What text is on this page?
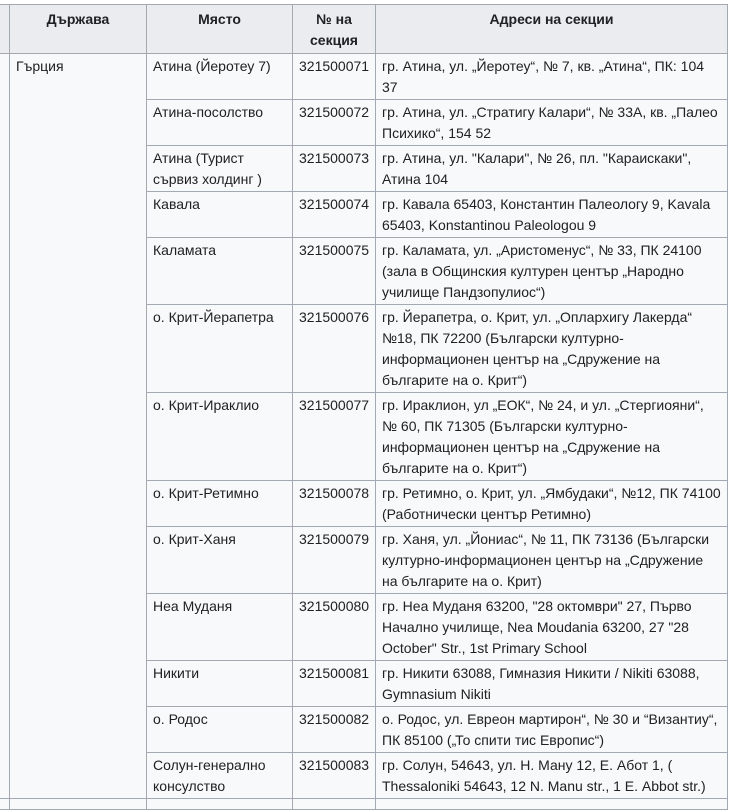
	Държава	Място	№ на секция	Адреси на секции
	Гърция	Атина (Йеротеу 7)	321500071	гр. Атина, ул. „Йеротеу“, № 7, кв. „Атина“, ПК: 104 37
		Атина-посолство	321500072	гр. Атина, ул. „Стратигу Калари“, № 33А, кв. „Палео Психико“, 154 52
		Атина (Турист сървиз холдинг )	321500073	гр. Атина, ул. "Калари", № 26, пл. "Караискаки", Атина 104
		Кавала	321500074	гр. Кавала 65403, Константин Палеологу 9, Kavala 65403, Konstantinou Paleologou 9
		Каламата	321500075	гр. Каламата, ул. „Аристоменус“, № 33, ПК 24100 (зала в Общинския културен център „Народно училище Пандзопулиос“)
		о. Крит-Йерапетра	321500076	гр. Йерапетра, о. Крит, ул. „Оплархигу Лакерда“ №18, ПК 72200 (Български културно-информационен център на „Сдружение на българите на о. Крит“)
		о. Крит-Ираклио	321500077	гр. Ираклион, ул „ЕОК“, № 24, и ул. „Стергиояни“, № 60, ПК 71305 (Български културно-информационен център на „Сдружение на българите на о. Крит“)
		о. Крит-Ретимно	321500078	гр. Ретимно, о. Крит, ул. „Ямбудаки“, №12, ПК 74100 (Работнически център Ретимно)
		о. Крит-Ханя	321500079	гр. Ханя, ул. „Йониас“, № 11, ПК 73136 (Български културно-информационен център на „Сдружение на българите на о. Крит)
		Неа Муданя	321500080	гр. Неа Муданя 63200, "28 октомври" 27, Първо Начално училище, Nea Moudania 63200, 27 "28 October" Str., 1st Primary School
		Никити	321500081	гр. Никити 63088, Гимназия Никити / Nikiti 63088, Gymnasium Nikiti
		о. Родос	321500082	о. Родос, ул. Евреон мартирон“, № 30 и “Византиу“, ПК 85100 („То спити тис Европис“)
		Солун-генерално консулство	321500083	гр. Солун, 54643, ул. Н. Ману 12, Е. Абот 1, ( Thessaloniki 54643, 12 N. Manu str., 1 Е. Abbot str.)
